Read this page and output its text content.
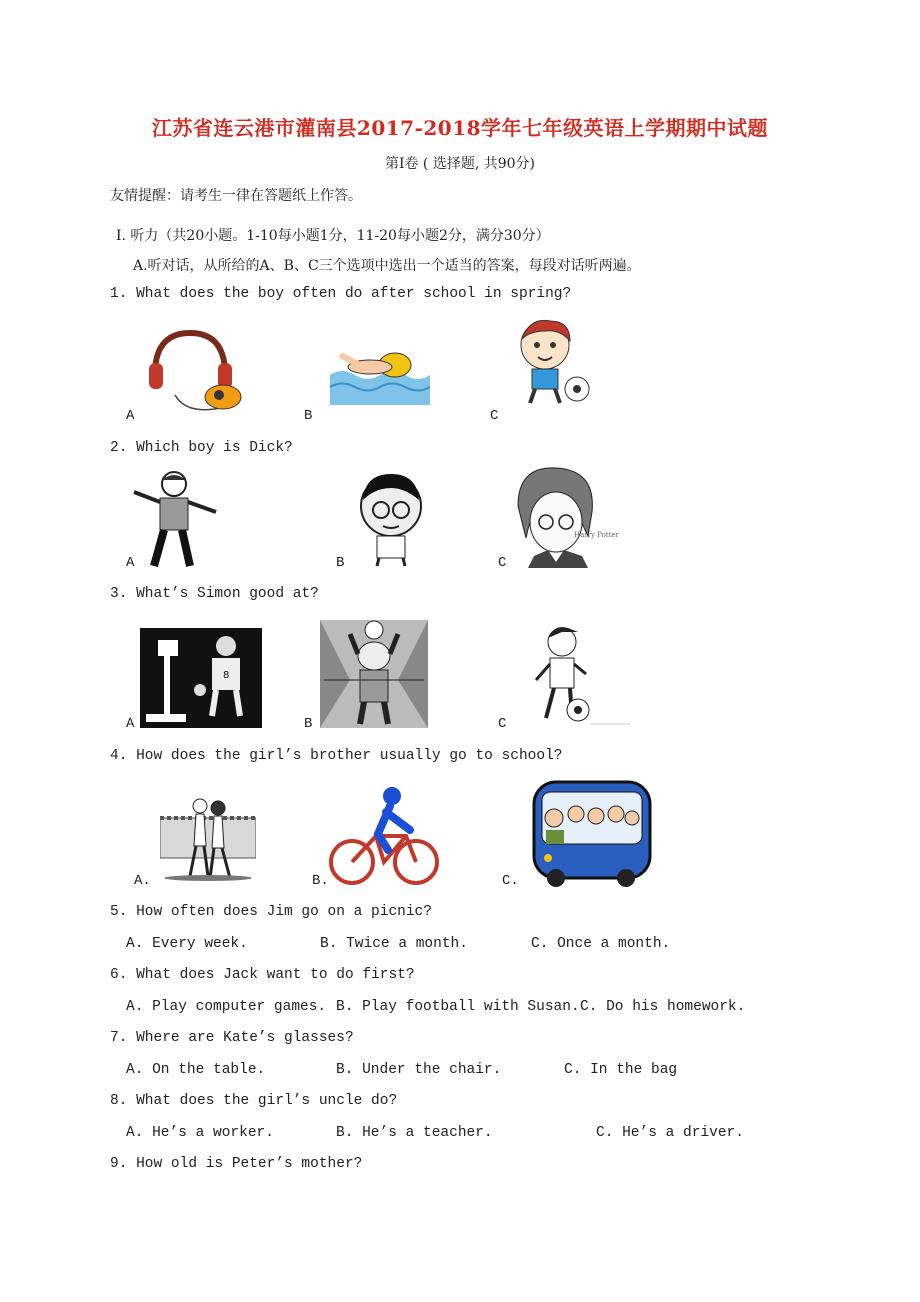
江苏省连云港市灌南县2017-2018学年七年级英语上学期期中试题
第Ⅰ卷 ( 选择题, 共90分)
友情提醒：请考生一律在答题纸上作答。
Ⅰ. 听力（共20小题。1-10每小题1分，11-20每小题2分，满分30分）
A.听对话，从所给的A、B、C三个选项中选出一个适当的答案，每段对话听两遍。
1. What does the boy often do after school in spring?
A	B	C
2. Which boy is Dick?
A	B
Harry Potter
C
3. What’s Simon good at?
8
A	B	C
4. How does the girl’s brother usually go to school?
A.	B.	C.
5. How often does Jim go on a picnic?
A. Every week.	B. Twice a month.	C. Once a month.
6. What does Jack want to do first?
A. Play computer games. B. Play football with Susan. C. Do his homework.
7. Where are Kate’s glasses?
A. On the table.	B. Under the chair.	C. In the bag
8. What does the girl’s uncle do?
A. He’s a worker.	B. He’s a teacher.	C. He’s a driver.
9. How old is Peter’s mother?
